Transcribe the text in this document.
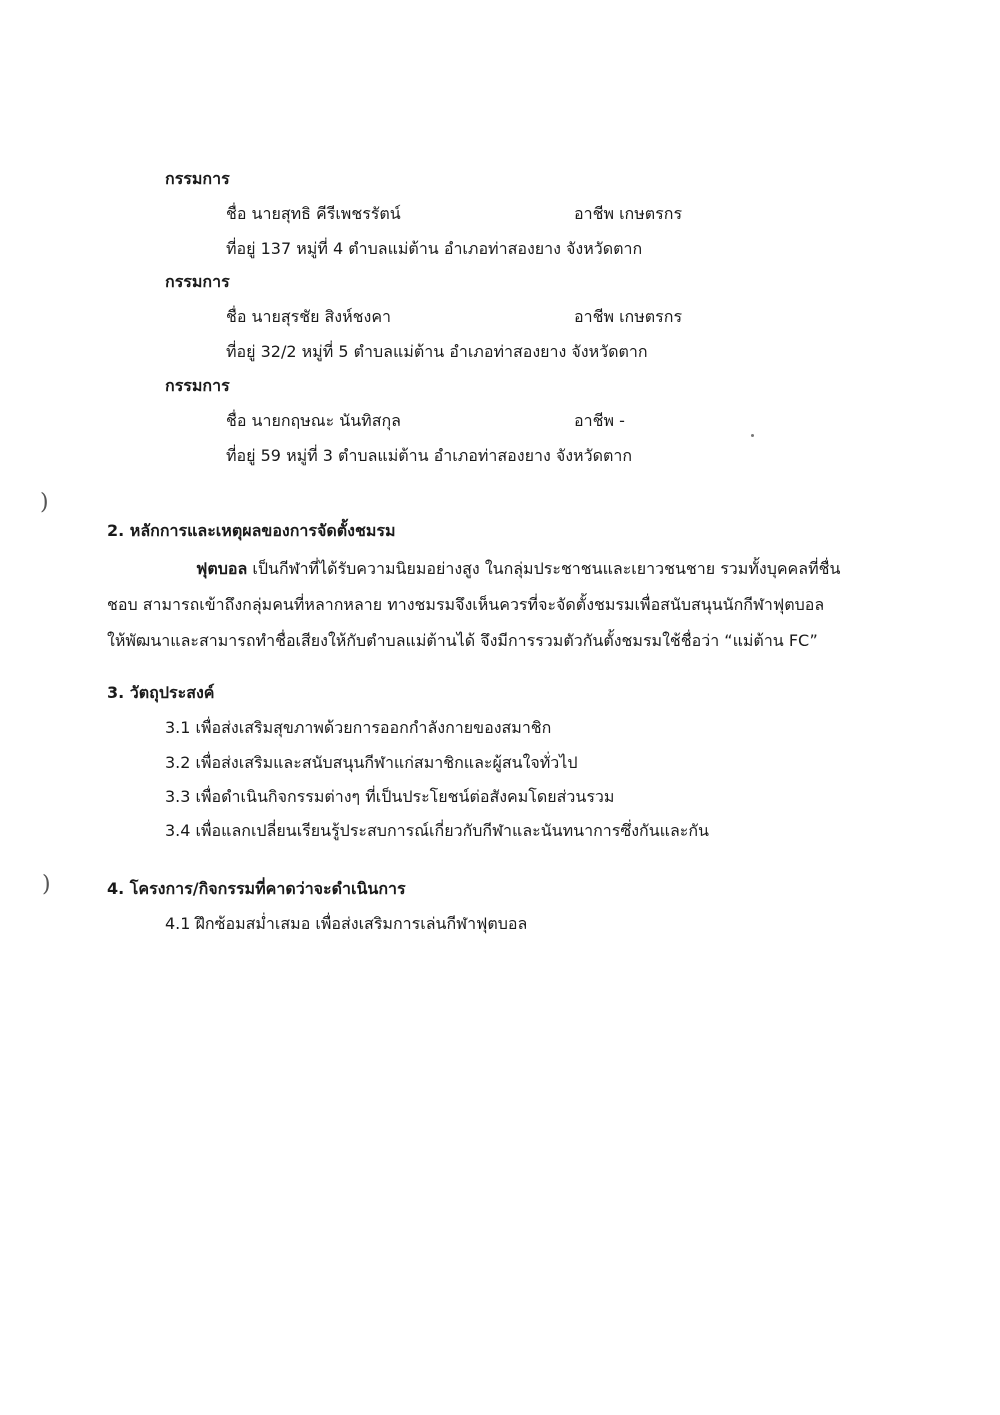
)
)
กรรมการ
ชื่อ นายสุทธิ คีรีเพชรรัตน์	อาชีพ เกษตรกร
ที่อยู่ 137 หมู่ที่ 4 ตำบลแม่ต้าน อำเภอท่าสองยาง จังหวัดตาก
กรรมการ
ชื่อ นายสุรชัย สิงห์ชงคา	อาชีพ เกษตรกร
ที่อยู่ 32/2 หมู่ที่ 5 ตำบลแม่ต้าน อำเภอท่าสองยาง จังหวัดตาก
กรรมการ
ชื่อ นายกฤษณะ นันทิสกุล	อาชีพ -
ที่อยู่ 59 หมู่ที่ 3 ตำบลแม่ต้าน อำเภอท่าสองยาง จังหวัดตาก
2. หลักการและเหตุผลของการจัดตั้งชมรม
ฟุตบอล เป็นกีฬาที่ได้รับความนิยมอย่างสูง ในกลุ่มประชาชนและเยาวชนชาย รวมทั้งบุคคลที่ชื่น
ชอบ สามารถเข้าถึงกลุ่มคนที่หลากหลาย ทางชมรมจึงเห็นควรที่จะจัดตั้งชมรมเพื่อสนับสนุนนักกีฬาฟุตบอล
ให้พัฒนาและสามารถทำชื่อเสียงให้กับตำบลแม่ต้านได้ จึงมีการรวมตัวกันตั้งชมรมใช้ชื่อว่า “แม่ต้าน FC”
3. วัตถุประสงค์
3.1 เพื่อส่งเสริมสุขภาพด้วยการออกกำลังกายของสมาชิก
3.2 เพื่อส่งเสริมและสนับสนุนกีฬาแก่สมาชิกและผู้สนใจทั่วไป
3.3 เพื่อดำเนินกิจกรรมต่างๆ ที่เป็นประโยชน์ต่อสังคมโดยส่วนรวม
3.4 เพื่อแลกเปลี่ยนเรียนรู้ประสบการณ์เกี่ยวกับกีฬาและนันทนาการซึ่งกันและกัน
4. โครงการ/กิจกรรมที่คาดว่าจะดำเนินการ
4.1 ฝึกซ้อมสม่ำเสมอ เพื่อส่งเสริมการเล่นกีฬาฟุตบอล
